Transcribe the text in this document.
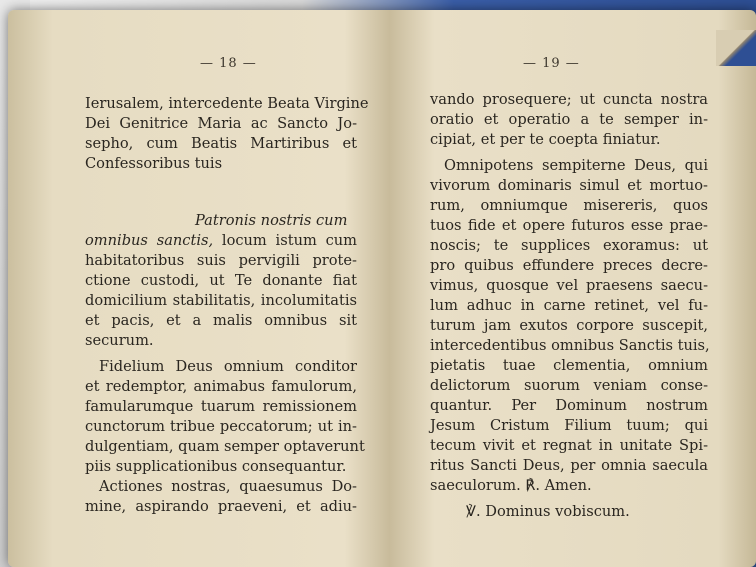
— 18 —
Ierusalem, intercedente Beata Virgine
Dei Genitrice Maria ac Sancto Jo-
sepho, cum Beatis Martiribus et
Confessoribus tuis
Patronis nostris cum
omnibus sanctis, locum istum cum
habitatoribus suis pervigili prote-
ctione custodi, ut Te donante fiat
domicilium stabilitatis, incolumitatis
et pacis, et a malis omnibus sit
securum.
Fidelium Deus omnium conditor
et redemptor, animabus famulorum,
famularumque tuarum remissionem
cunctorum tribue peccatorum; ut in-
dulgentiam, quam semper optaverunt
piis supplicationibus consequantur.
Actiones nostras, quaesumus Do-
mine, aspirando praeveni, et adiu-
— 19 —
vando prosequere; ut cuncta nostra
oratio et operatio a te semper in-
cipiat, et per te coepta finiatur.
Omnipotens sempiterne Deus, qui
vivorum dominaris simul et mortuo-
rum, omniumque misereris, quos
tuos fide et opere futuros esse prae-
noscis; te supplices exoramus: ut
pro quibus effundere preces decre-
vimus, quosque vel praesens saecu-
lum adhuc in carne retinet, vel fu-
turum jam exutos corpore suscepit,
intercedentibus omnibus Sanctis tuis,
pietatis tuae clementia, omnium
delictorum suorum veniam conse-
quantur. Per Dominum nostrum
Jesum Cristum Filium tuum; qui
tecum vivit et regnat in unitate Spi-
ritus Sancti Deus, per omnia saecula
saeculorum. ℟. Amen.
℣. Dominus vobiscum.
